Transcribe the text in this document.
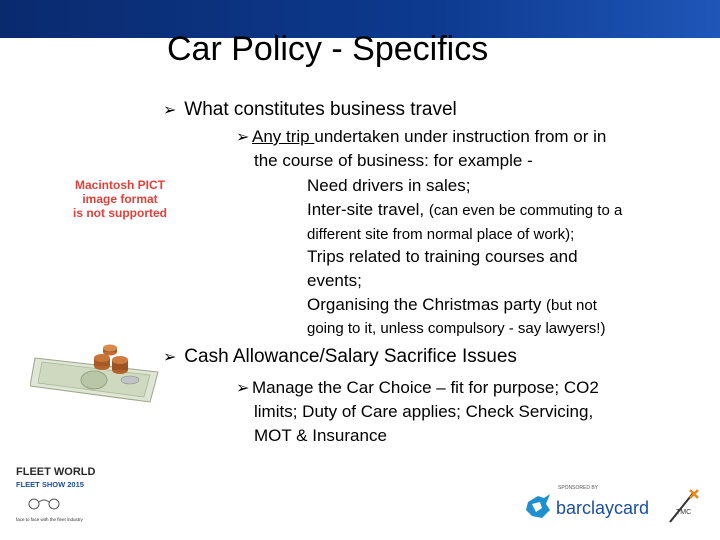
Car Policy - Specifics
Macintosh PICT
image format
is not supported
➢ What constitutes business travel
➢ Any trip undertaken under instruction from or in
the course of business: for example -
Need drivers in sales;
Inter-site travel, (can even be commuting to a
different site from normal place of work);
Trips related to training courses and
events;
Organising the Christmas party (but not
going to it, unless compulsory - say lawyers!)
➢ Cash Allowance/Salary Sacrifice Issues
➢ Manage the Car Choice – fit for purpose; CO2
limits; Duty of Care applies; Check Servicing,
MOT & Insurance
FLEET WORLD
FLEET SHOW 2015
face to face with the fleet industry
SPONSORED BY
barclaycard	TMC
